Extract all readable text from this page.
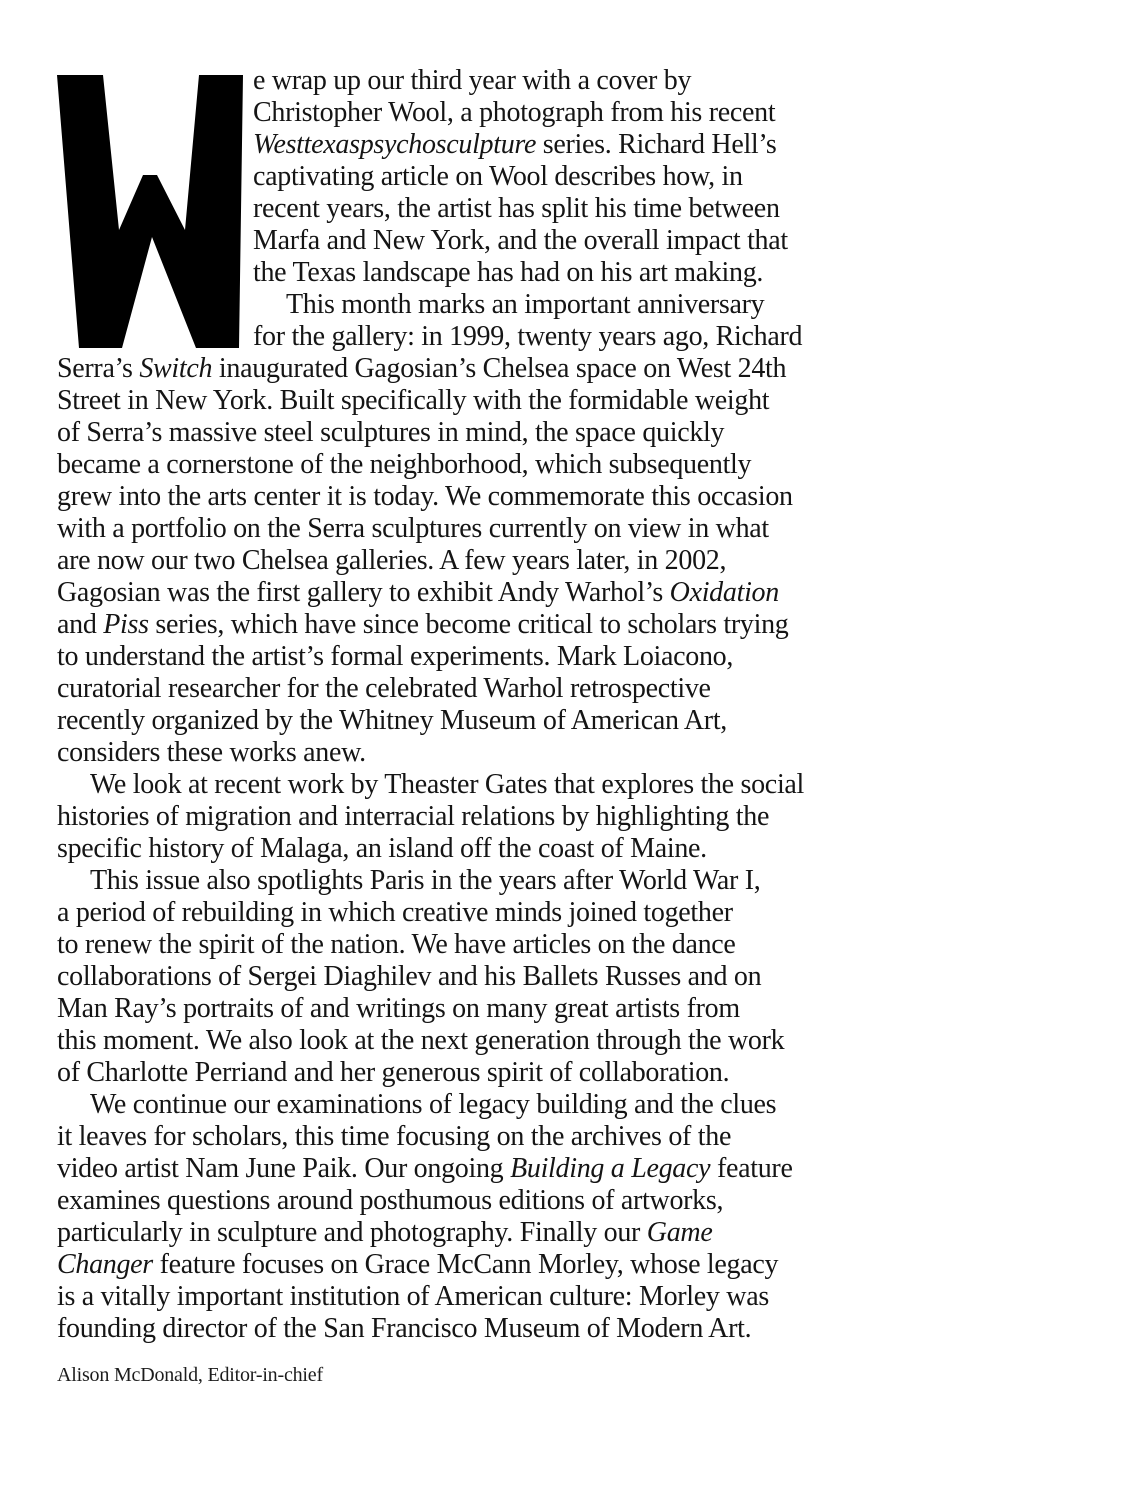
e wrap up our third year with a cover by
Christopher Wool, a photograph from his recent
Westtexaspsychosculpture series. Richard Hell’s
captivating article on Wool describes how, in
recent years, the artist has split his time between
Marfa and New York, and the overall impact that
the Texas landscape has had on his art making.
This month marks an important anniversary
for the gallery: in 1999, twenty years ago, Richard
Serra’s Switch inaugurated Gagosian’s Chelsea space on West 24th
Street in New York. Built specifically with the formidable weight
of Serra’s massive steel sculptures in mind, the space quickly
became a cornerstone of the neighborhood, which subsequently
grew into the arts center it is today. We commemorate this occasion
with a portfolio on the Serra sculptures currently on view in what
are now our two Chelsea galleries. A few years later, in 2002,
Gagosian was the first gallery to exhibit Andy Warhol’s Oxidation
and Piss series, which have since become critical to scholars trying
to understand the artist’s formal experiments. Mark Loiacono,
curatorial researcher for the celebrated Warhol retrospective
recently organized by the Whitney Museum of American Art,
considers these works anew.
We look at recent work by Theaster Gates that explores the social
histories of migration and interracial relations by highlighting the
specific history of Malaga, an island off the coast of Maine.
This issue also spotlights Paris in the years after World War I,
a period of rebuilding in which creative minds joined together
to renew the spirit of the nation. We have articles on the dance
collaborations of Sergei Diaghilev and his Ballets Russes and on
Man Ray’s portraits of and writings on many great artists from
this moment. We also look at the next generation through the work
of Charlotte Perriand and her generous spirit of collaboration.
We continue our examinations of legacy building and the clues
it leaves for scholars, this time focusing on the archives of the
video artist Nam June Paik. Our ongoing Building a Legacy feature
examines questions around posthumous editions of artworks,
particularly in sculpture and photography. Finally our Game
Changer feature focuses on Grace McCann Morley, whose legacy
is a vitally important institution of American culture: Morley was
founding director of the San Francisco Museum of Modern Art.
Alison McDonald, Editor-in-chief
